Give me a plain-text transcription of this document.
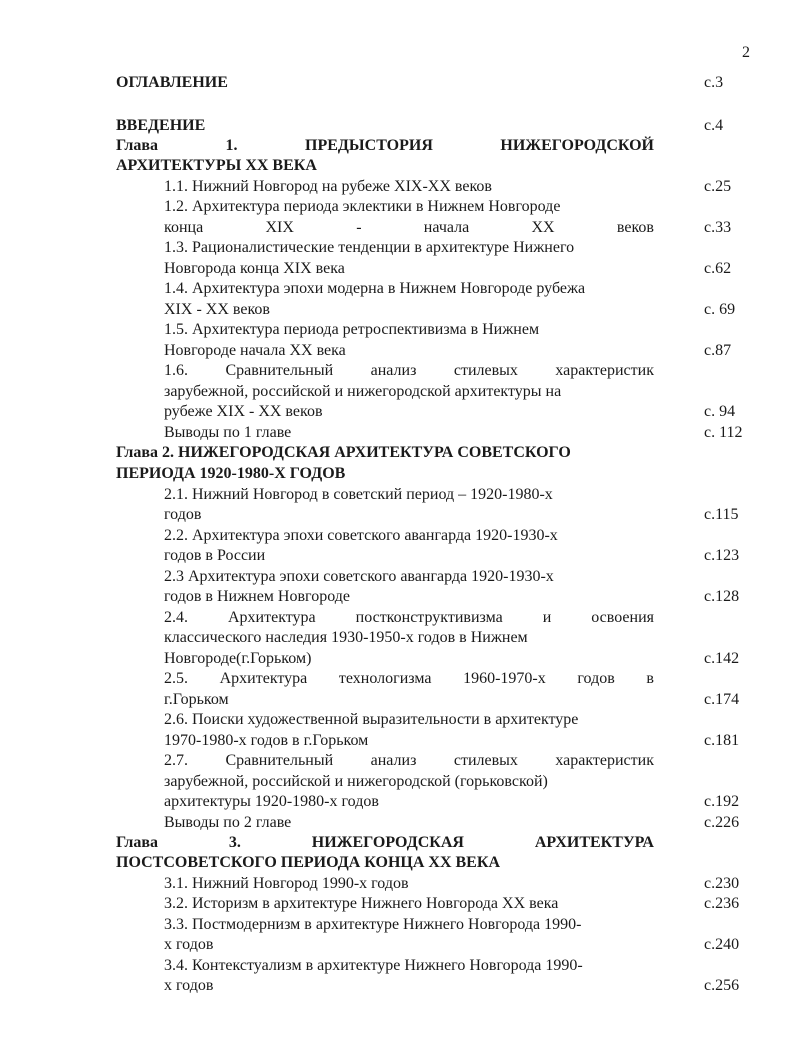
2
ОГЛАВЛЕНИЕ	с.3
ВВЕДЕНИЕ	с.4
Глава	1.	ПРЕДЫСТОРИЯ	НИЖЕГОРОДСКОЙ
АРХИТЕКТУРЫ XX ВЕКА
1.1. Нижний Новгород на рубеже XIX-XX веков	с.25
1.2. Архитектура периода эклектики в Нижнем Новгороде
конца	XIX	-	начала	XX	веков	с.33
1.3. Рационалистические тенденции в архитектуре Нижнего
Новгорода конца XIX века	с.62
1.4. Архитектура эпохи модерна в Нижнем Новгороде рубежа
XIX - XX веков	с. 69
1.5. Архитектура периода ретроспективизма в Нижнем
Новгороде начала XX века	с.87
1.6. Сравнительный анализ стилевых характеристик
зарубежной, российской и нижегородской архитектуры на
рубеже XIX - XX веков	с. 94
Выводы по 1 главе	с. 112
Глава 2. НИЖЕГОРОДСКАЯ АРХИТЕКТУРА СОВЕТСКОГО
ПЕРИОДА 1920-1980-Х ГОДОВ
2.1. Нижний Новгород в советский период – 1920-1980-х
годов	с.115
2.2. Архитектура эпохи советского авангарда 1920-1930-х
годов в России	с.123
2.3 Архитектура эпохи советского авангарда 1920-1930-х
годов в Нижнем Новгороде	с.128
2.4. Архитектура постконструктивизма и освоения
классического наследия 1930-1950-х годов в Нижнем
Новгороде(г.Горьком)	с.142
2.5. Архитектура технологизма 1960-1970-х годов в
г.Горьком	с.174
2.6. Поиски художественной выразительности в архитектуре
1970-1980-х годов в г.Горьком	с.181
2.7. Сравнительный анализ стилевых характеристик
зарубежной, российской и нижегородской (горьковской)
архитектуры 1920-1980-х годов	с.192
Выводы по 2 главе	с.226
Глава	3.	НИЖЕГОРОДСКАЯ	АРХИТЕКТУРА
ПОСТСОВЕТСКОГО ПЕРИОДА КОНЦА XX ВЕКА
3.1. Нижний Новгород 1990-х годов	с.230
3.2. Историзм в архитектуре Нижнего Новгорода XX века	с.236
3.3. Постмодернизм в архитектуре Нижнего Новгорода 1990-
х годов	с.240
3.4. Контекстуализм в архитектуре Нижнего Новгорода 1990-
х годов	с.256
